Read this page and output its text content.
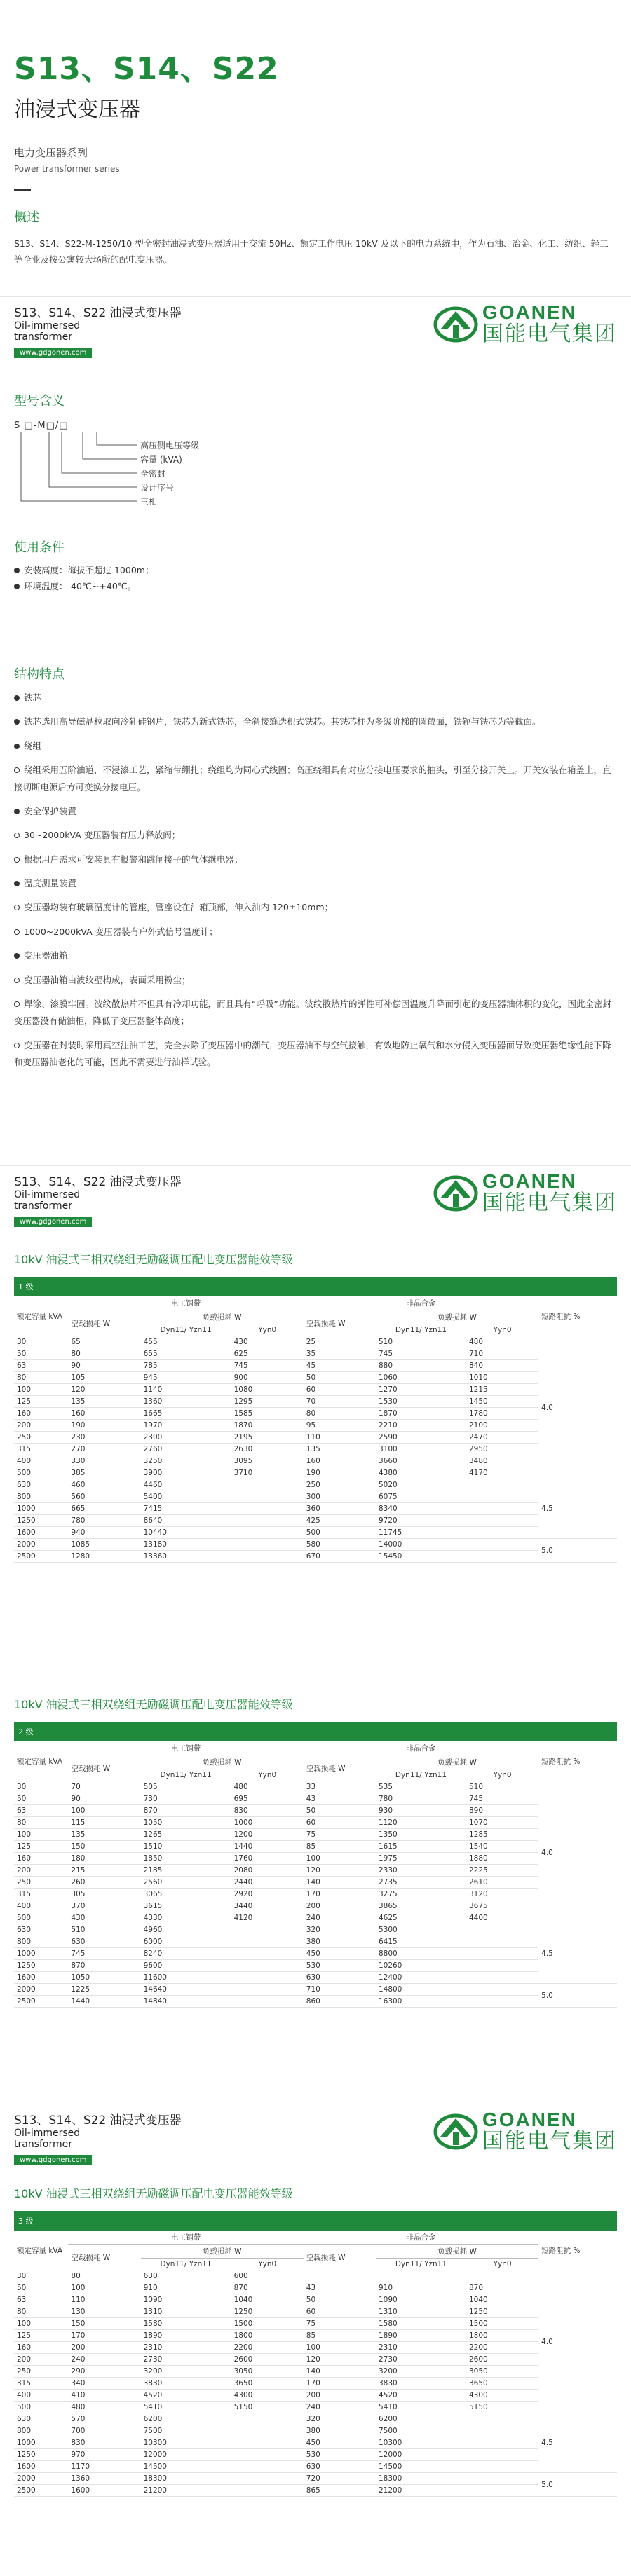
S13、S14、S22
油浸式变压器
电力变压器系列
Power transformer series
概述
S13、S14、S22-M-1250/10 型全密封油浸式变压器适用于交流 50Hz、额定工作电压 10kV 及以下的电力系统中，作为石油、冶金、化工、纺织、轻工等企业及按公寓较大场所的配电变压器。
S13、S14、S22 油浸式变压器
Oil-immersed
transformer
www.gdgonen.com
GOANEN
国能电气集团
型号含义
S □-M□/□
高压侧电压等级
容量 (kVA)
全密封
设计序号
三相
使用条件
安装高度：海拔不超过 1000m；
环境温度：-40℃~+40℃。
结构特点
铁芯
铁芯选用高导磁晶粒取向冷轧硅钢片，铁芯为新式铁芯，全斜接缝迭积式铁芯。其铁芯柱为多级阶梯的圆截面，铁轭与铁芯为等截面。
绕组
绕组采用五阶油道，不浸漆工艺，紧缩带绷扎；绕组均为同心式线圈；高压绕组具有对应分接电压要求的抽头，引至分接开关上。开关安装在箱盖上，直接切断电源后方可变换分接电压。
安全保护装置
30~2000kVA 变压器装有压力释放阀；
根据用户需求可安装具有报警和跳闸接子的气体继电器；
温度测量装置
变压器均装有玻璃温度计的管座，管座设在油箱顶部，伸入油内 120±10mm；
1000~2000kVA 变压器装有户外式信号温度计；
变压器油箱
变压器油箱由波纹壁构成，表面采用粉尘；
焊涂、漆膜牢固。波纹散热片不但具有冷却功能，而且具有“呼吸”功能。波纹散热片的弹性可补偿因温度升降而引起的变压器油体积的变化，因此全密封变压器没有储油柜，降低了变压器整体高度；
变压器在封装时采用真空注油工艺，完全去除了变压器中的潮气，变压器油不与空气接触，有效地防止氧气和水分侵入变压器而导致变压器绝缘性能下降和变压器油老化的可能，因此不需要进行油样试验。
S13、S14、S22 油浸式变压器
Oil-immersed
transformer
www.gdgonen.com
GOANEN
国能电气集团
10kV 油浸式三相双绕组无励磁调压配电变压器能效等级
1 级
额定容量 kVA	电工钢带			非晶合金			短路阻抗 %
	空载损耗 W	负载损耗 W		空载损耗 W	负载损耗 W		
		Dyn11/ Yzn11	Yyn0		Dyn11/ Yzn11	Yyn0	
30	65	455	430	25	510	480	4.0
50	80	655	625	35	745	710	
63	90	785	745	45	880	840	
80	105	945	900	50	1060	1010	
100	120	1140	1080	60	1270	1215	
125	135	1360	1295	70	1530	1450	
160	160	1665	1585	80	1870	1780	
200	190	1970	1870	95	2210	2100	
250	230	2300	2195	110	2590	2470	
315	270	2760	2630	135	3100	2950	
400	330	3250	3095	160	3660	3480	
500	385	3900	3710	190	4380	4170	
630	460	4460		250	5020		4.5
800	560	5400		300	6075		
1000	665	7415		360	8340		
1250	780	8640		425	9720		
1600	940	10440		500	11745		
2000	1085	13180		580	14000		5.0
2500	1280	13360		670	15450		
10kV 油浸式三相双绕组无励磁调压配电变压器能效等级
2 级
额定容量 kVA	电工钢带			非晶合金			短路阻抗 %
	空载损耗 W	负载损耗 W		空载损耗 W	负载损耗 W		
		Dyn11/ Yzn11	Yyn0		Dyn11/ Yzn11	Yyn0	
30	70	505	480	33	535	510	4.0
50	90	730	695	43	780	745	
63	100	870	830	50	930	890	
80	115	1050	1000	60	1120	1070	
100	135	1265	1200	75	1350	1285	
125	150	1510	1440	85	1615	1540	
160	180	1850	1760	100	1975	1880	
200	215	2185	2080	120	2330	2225	
250	260	2560	2440	140	2735	2610	
315	305	3065	2920	170	3275	3120	
400	370	3615	3440	200	3865	3675	
500	430	4330	4120	240	4625	4400	
630	510	4960		320	5300		4.5
800	630	6000		380	6415		
1000	745	8240		450	8800		
1250	870	9600		530	10260		
1600	1050	11600		630	12400		
2000	1225	14640		710	14800		5.0
2500	1440	14840		860	16300		
S13、S14、S22 油浸式变压器
Oil-immersed
transformer
www.gdgonen.com
GOANEN
国能电气集团
10kV 油浸式三相双绕组无励磁调压配电变压器能效等级
3 级
额定容量 kVA	电工钢带			非晶合金			短路阻抗 %
	空载损耗 W	负载损耗 W		空载损耗 W	负载损耗 W		
		Dyn11/ Yzn11	Yyn0		Dyn11/ Yzn11	Yyn0	
30	80	630	600				4.0
50	100	910	870	43	910	870	
63	110	1090	1040	50	1090	1040	
80	130	1310	1250	60	1310	1250	
100	150	1580	1500	75	1580	1500	
125	170	1890	1800	85	1890	1800	
160	200	2310	2200	100	2310	2200	
200	240	2730	2600	120	2730	2600	
250	290	3200	3050	140	3200	3050	
315	340	3830	3650	170	3830	3650	
400	410	4520	4300	200	4520	4300	
500	480	5410	5150	240	5410	5150	
630	570	6200		320	6200		4.5
800	700	7500		380	7500		
1000	830	10300		450	10300		
1250	970	12000		530	12000		
1600	1170	14500		630	14500		
2000	1360	18300		720	18300		5.0
2500	1600	21200		865	21200		
